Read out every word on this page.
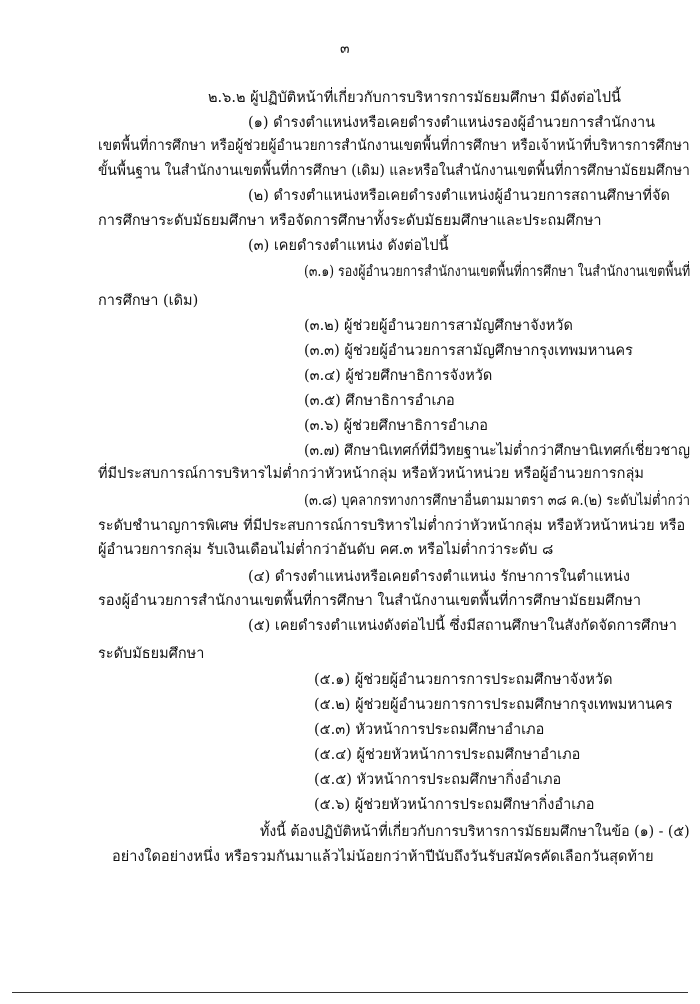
๓
๒.๖.๒ ผู้ปฏิบัติหน้าที่เกี่ยวกับการบริหารการมัธยมศึกษา มีดังต่อไปนี้
(๑) ดำรงตำแหน่งหรือเคยดำรงตำแหน่งรองผู้อำนวยการสำนักงาน
เขตพื้นที่การศึกษา หรือผู้ช่วยผู้อำนวยการสำนักงานเขตพื้นที่การศึกษา หรือเจ้าหน้าที่บริหารการศึกษา
ขั้นพื้นฐาน ในสำนักงานเขตพื้นที่การศึกษา (เดิม) และหรือในสำนักงานเขตพื้นที่การศึกษามัธยมศึกษา
(๒) ดำรงตำแหน่งหรือเคยดำรงตำแหน่งผู้อำนวยการสถานศึกษาที่จัด
การศึกษาระดับมัธยมศึกษา หรือจัดการศึกษาทั้งระดับมัธยมศึกษาและประถมศึกษา
(๓) เคยดำรงตำแหน่ง ดังต่อไปนี้
(๓.๑) รองผู้อำนวยการสำนักงานเขตพื้นที่การศึกษา ในสำนักงานเขตพื้นที่
การศึกษา (เดิม)
(๓.๒) ผู้ช่วยผู้อำนวยการสามัญศึกษาจังหวัด
(๓.๓) ผู้ช่วยผู้อำนวยการสามัญศึกษากรุงเทพมหานคร
(๓.๔) ผู้ช่วยศึกษาธิการจังหวัด
(๓.๕) ศึกษาธิการอำเภอ
(๓.๖) ผู้ช่วยศึกษาธิการอำเภอ
(๓.๗) ศึกษานิเทศก์ที่มีวิทยฐานะไม่ต่ำกว่าศึกษานิเทศก์เชี่ยวชาญ
ที่มีประสบการณ์การบริหารไม่ต่ำกว่าหัวหน้ากลุ่ม หรือหัวหน้าหน่วย หรือผู้อำนวยการกลุ่ม
(๓.๘) บุคลากรทางการศึกษาอื่นตามมาตรา ๓๘ ค.(๒) ระดับไม่ต่ำกว่า
ระดับชำนาญการพิเศษ ที่มีประสบการณ์การบริหารไม่ต่ำกว่าหัวหน้ากลุ่ม หรือหัวหน้าหน่วย หรือ
ผู้อำนวยการกลุ่ม รับเงินเดือนไม่ต่ำกว่าอันดับ คศ.๓ หรือไม่ต่ำกว่าระดับ ๘
(๔) ดำรงตำแหน่งหรือเคยดำรงตำแหน่ง รักษาการในตำแหน่ง
รองผู้อำนวยการสำนักงานเขตพื้นที่การศึกษา ในสำนักงานเขตพื้นที่การศึกษามัธยมศึกษา
(๕) เคยดำรงตำแหน่งดังต่อไปนี้ ซึ่งมีสถานศึกษาในสังกัดจัดการศึกษา
ระดับมัธยมศึกษา
(๕.๑) ผู้ช่วยผู้อำนวยการการประถมศึกษาจังหวัด
(๕.๒) ผู้ช่วยผู้อำนวยการการประถมศึกษากรุงเทพมหานคร
(๕.๓) หัวหน้าการประถมศึกษาอำเภอ
(๕.๔) ผู้ช่วยหัวหน้าการประถมศึกษาอำเภอ
(๕.๕) หัวหน้าการประถมศึกษากิ่งอำเภอ
(๕.๖) ผู้ช่วยหัวหน้าการประถมศึกษากิ่งอำเภอ
ทั้งนี้ ต้องปฏิบัติหน้าที่เกี่ยวกับการบริหารการมัธยมศึกษาในข้อ (๑) - (๕)
อย่างใดอย่างหนึ่ง หรือรวมกันมาแล้วไม่น้อยกว่าห้าปีนับถึงวันรับสมัครคัดเลือกวันสุดท้าย
